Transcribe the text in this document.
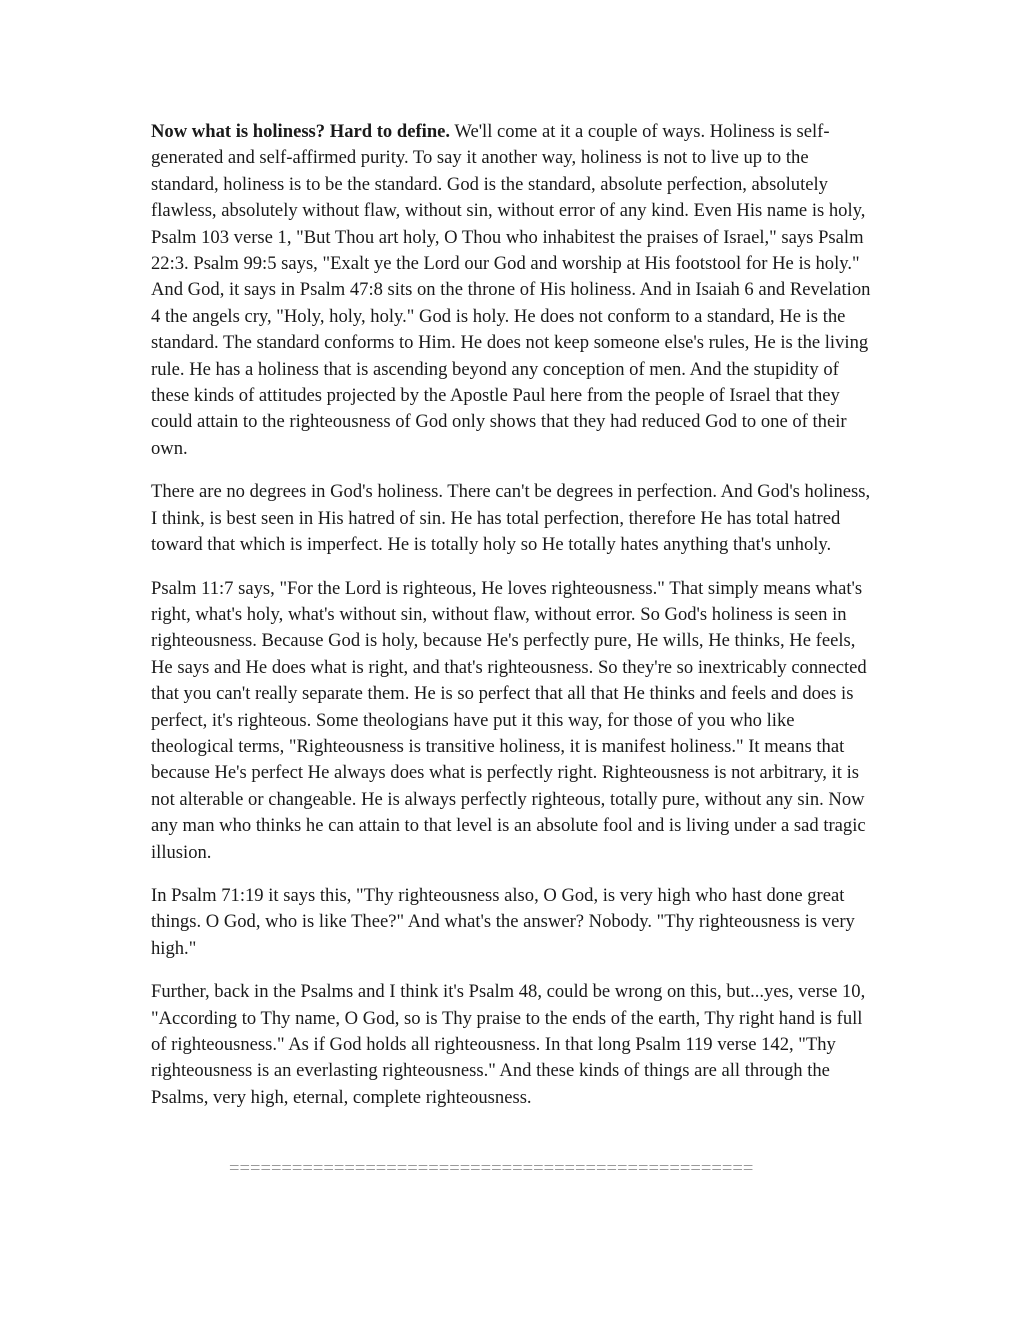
Now what is holiness? Hard to define. We'll come at it a couple of ways. Holiness is self-generated and self-affirmed purity. To say it another way, holiness is not to live up to the standard, holiness is to be the standard. God is the standard, absolute perfection, absolutely flawless, absolutely without flaw, without sin, without error of any kind. Even His name is holy, Psalm 103 verse 1, "But Thou art holy, O Thou who inhabitest the praises of Israel," says Psalm 22:3. Psalm 99:5 says, "Exalt ye the Lord our God and worship at His footstool for He is holy." And God, it says in Psalm 47:8 sits on the throne of His holiness. And in Isaiah 6 and Revelation 4 the angels cry, "Holy, holy, holy." God is holy. He does not conform to a standard, He is the standard. The standard conforms to Him. He does not keep someone else's rules, He is the living rule. He has a holiness that is ascending beyond any conception of men. And the stupidity of these kinds of attitudes projected by the Apostle Paul here from the people of Israel that they could attain to the righteousness of God only shows that they had reduced God to one of their own.

There are no degrees in God's holiness. There can't be degrees in perfection. And God's holiness, I think, is best seen in His hatred of sin. He has total perfection, therefore He has total hatred toward that which is imperfect. He is totally holy so He totally hates anything that's unholy.

Psalm 11:7 says, "For the Lord is righteous, He loves righteousness." That simply means what's right, what's holy, what's without sin, without flaw, without error. So God's holiness is seen in righteousness. Because God is holy, because He's perfectly pure, He wills, He thinks, He feels, He says and He does what is right, and that's righteousness. So they're so inextricably connected that you can't really separate them. He is so perfect that all that He thinks and feels and does is perfect, it's righteous. Some theologians have put it this way, for those of you who like theological terms, "Righteousness is transitive holiness, it is manifest holiness." It means that because He's perfect He always does what is perfectly right. Righteousness is not arbitrary, it is not alterable or changeable. He is always perfectly righteous, totally pure, without any sin. Now any man who thinks he can attain to that level is an absolute fool and is living under a sad tragic illusion.

In Psalm 71:19 it says this, "Thy righteousness also, O God, is very high who hast done great things. O God, who is like Thee?" And what's the answer? Nobody. "Thy righteousness is very high."

Further, back in the Psalms and I think it's Psalm 48, could be wrong on this, but...yes, verse 10, "According to Thy name, O God, so is Thy praise to the ends of the earth, Thy right hand is full of righteousness." As if God holds all righteousness. In that long Psalm 119 verse 142, "Thy righteousness is an everlasting righteousness." And these kinds of things are all through the Psalms, very high, eternal, complete righteousness.

==================================================
